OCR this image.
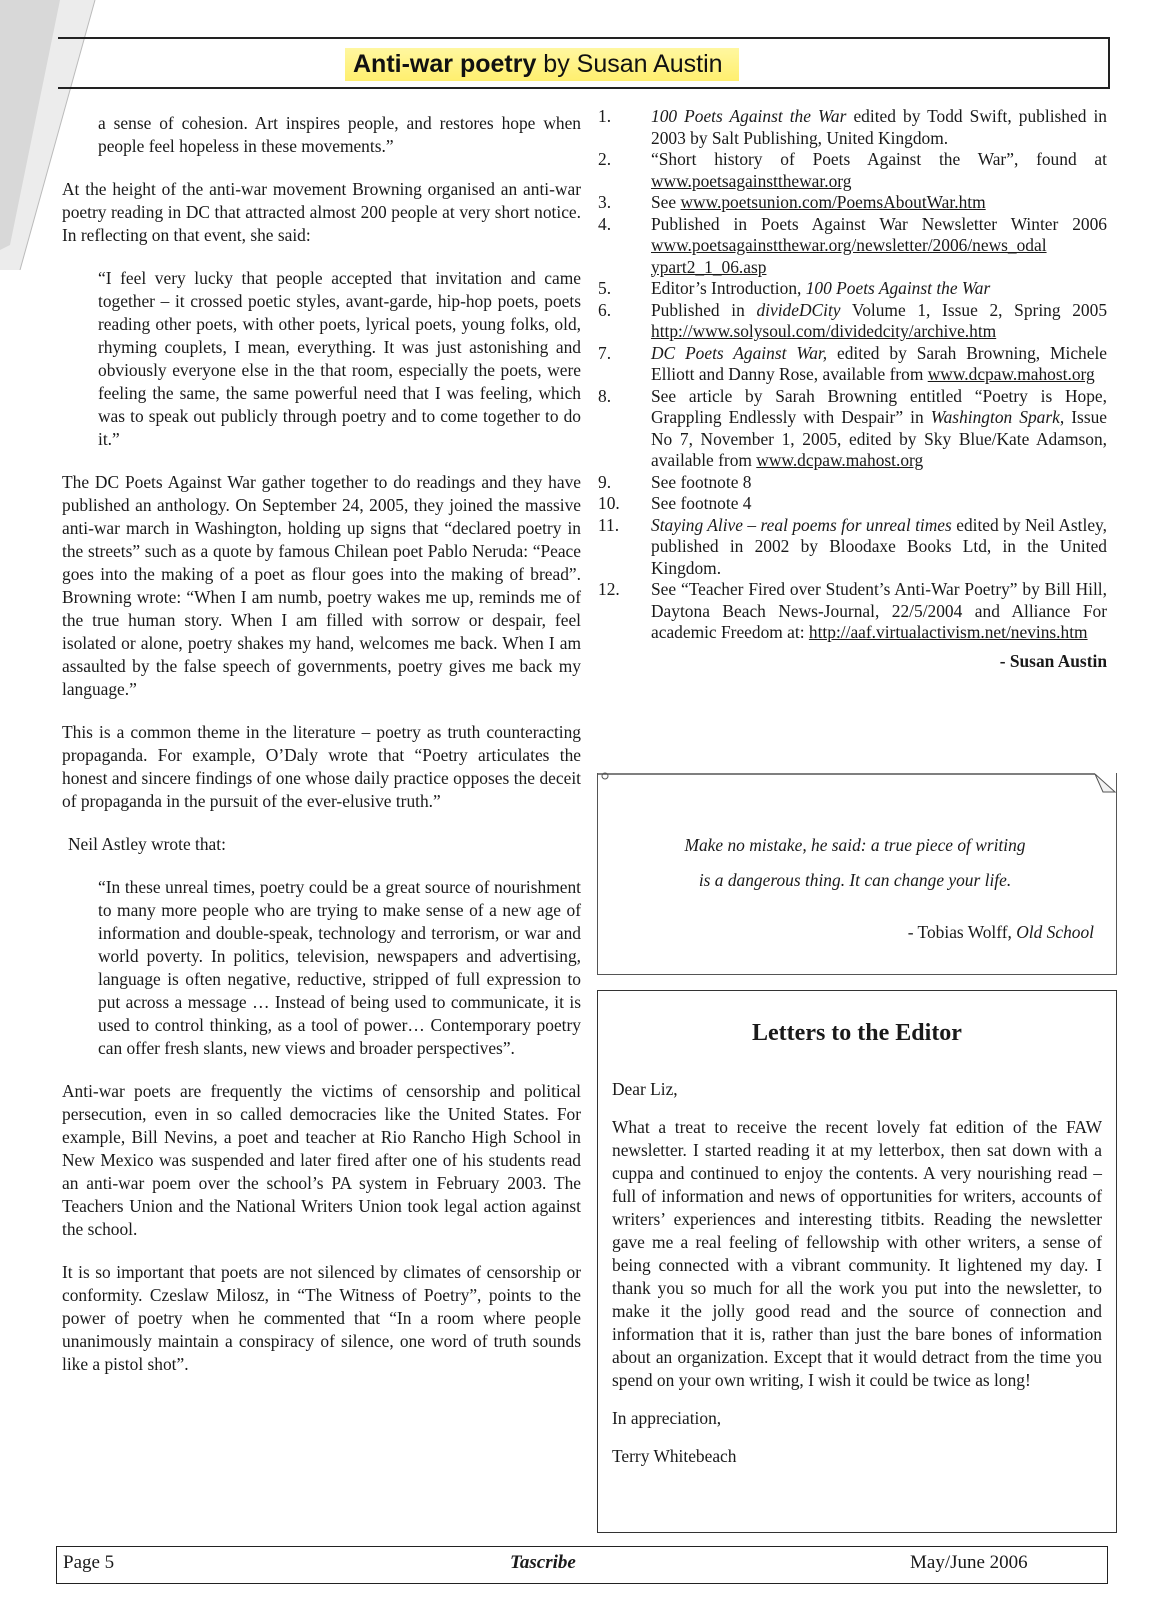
Anti-war poetry by Susan Austin

a sense of cohesion. Art inspires people, and restores hope when people feel hopeless in these movements.”

At the height of the anti-war movement Browning organised an anti-war poetry reading in DC that attracted almost 200 people at very short notice. In reflecting on that event, she said:

“I feel very lucky that people accepted that invitation and came together – it crossed poetic styles, avant-garde, hip-hop poets, poets reading other poets, with other poets, lyrical poets, young folks, old, rhyming couplets, I mean, everything. It was just astonishing and obviously everyone else in the that room, especially the poets, were feeling the same, the same powerful need that I was feeling, which was to speak out publicly through poetry and to come together to do it.”

The DC Poets Against War gather together to do readings and they have published an anthology. On September 24, 2005, they joined the massive anti-war march in Washington, holding up signs that “declared poetry in the streets” such as a quote by famous Chilean poet Pablo Neruda: “Peace goes into the making of a poet as flour goes into the making of bread”. Browning wrote: “When I am numb, poetry wakes me up, reminds me of the true human story. When I am filled with sorrow or despair, feel isolated or alone, poetry shakes my hand, welcomes me back. When I am assaulted by the false speech of governments, poetry gives me back my language.”

This is a common theme in the literature – poetry as truth counteracting propaganda. For example, O’Daly wrote that “Poetry articulates the honest and sincere findings of one whose daily practice opposes the deceit of propaganda in the pursuit of the ever-elusive truth.”

Neil Astley wrote that:

“In these unreal times, poetry could be a great source of nourishment to many more people who are trying to make sense of a new age of information and double-speak, technology and terrorism, or war and world poverty. In politics, television, newspapers and advertising, language is often negative, reductive, stripped of full expression to put across a message … Instead of being used to communicate, it is used to control thinking, as a tool of power… Contemporary poetry can offer fresh slants, new views and broader perspectives”.

Anti-war poets are frequently the victims of censorship and political persecution, even in so called democracies like the United States. For example, Bill Nevins, a poet and teacher at Rio Rancho High School in New Mexico was suspended and later fired after one of his students read an anti-war poem over the school’s PA system in February 2003. The Teachers Union and the National Writers Union took legal action against the school.

It is so important that poets are not silenced by climates of censorship or conformity. Czeslaw Milosz, in “The Witness of Poetry”, points to the power of poetry when he commented that “In a room where people unanimously maintain a conspiracy of silence, one word of truth sounds like a pistol shot”.

1.	100 Poets Against the War edited by Todd Swift, published in 2003 by Salt Publishing, United Kingdom.
2.	“Short history of Poets Against the War”, found at www.poetsagainstthewar.org
3.	See www.poetsunion.com/PoemsAboutWar.htm
4.	Published in Poets Against War Newsletter Winter 2006 www.poetsagainstthewar.org/newsletter/2006/news_odal ypart2_1_06.asp
5.	Editor’s Introduction, 100 Poets Against the War
6.	Published in divideDCity Volume 1, Issue 2, Spring 2005 http://www.solysoul.com/dividedcity/archive.htm
7.	DC Poets Against War, edited by Sarah Browning, Michele Elliott and Danny Rose, available from www.dcpaw.mahost.org
8.	See article by Sarah Browning entitled “Poetry is Hope, Grappling Endlessly with Despair” in Washington Spark, Issue No 7, November 1, 2005, edited by Sky Blue/Kate Adamson, available from www.dcpaw.mahost.org
9.	See footnote 8
10.	See footnote 4
11.	Staying Alive – real poems for unreal times edited by Neil Astley, published in 2002 by Bloodaxe Books Ltd, in the United Kingdom.
12.	See “Teacher Fired over Student’s Anti-War Poetry” by Bill Hill, Daytona Beach News-Journal, 22/5/2004 and Alliance For academic Freedom at: http://aaf.virtualactivism.net/nevins.htm
- Susan Austin
Make no mistake, he said: a true piece of writing
is a dangerous thing. It can change your life.
- Tobias Wolff, Old School
Letters to the Editor

Dear Liz,

What a treat to receive the recent lovely fat edition of the FAW newsletter. I started reading it at my letterbox, then sat down with a cuppa and continued to enjoy the contents. A very nourishing read – full of information and news of opportunities for writers, accounts of writers’ experiences and interesting titbits. Reading the newsletter gave me a real feeling of fellowship with other writers, a sense of being connected with a vibrant community. It lightened my day. I thank you so much for all the work you put into the newsletter, to make it the jolly good read and the source of connection and information that it is, rather than just the bare bones of information about an organization. Except that it would detract from the time you spend on your own writing, I wish it could be twice as long!

In appreciation,

Terry Whitebeach

Page 5	Tascribe	May/June 2006
